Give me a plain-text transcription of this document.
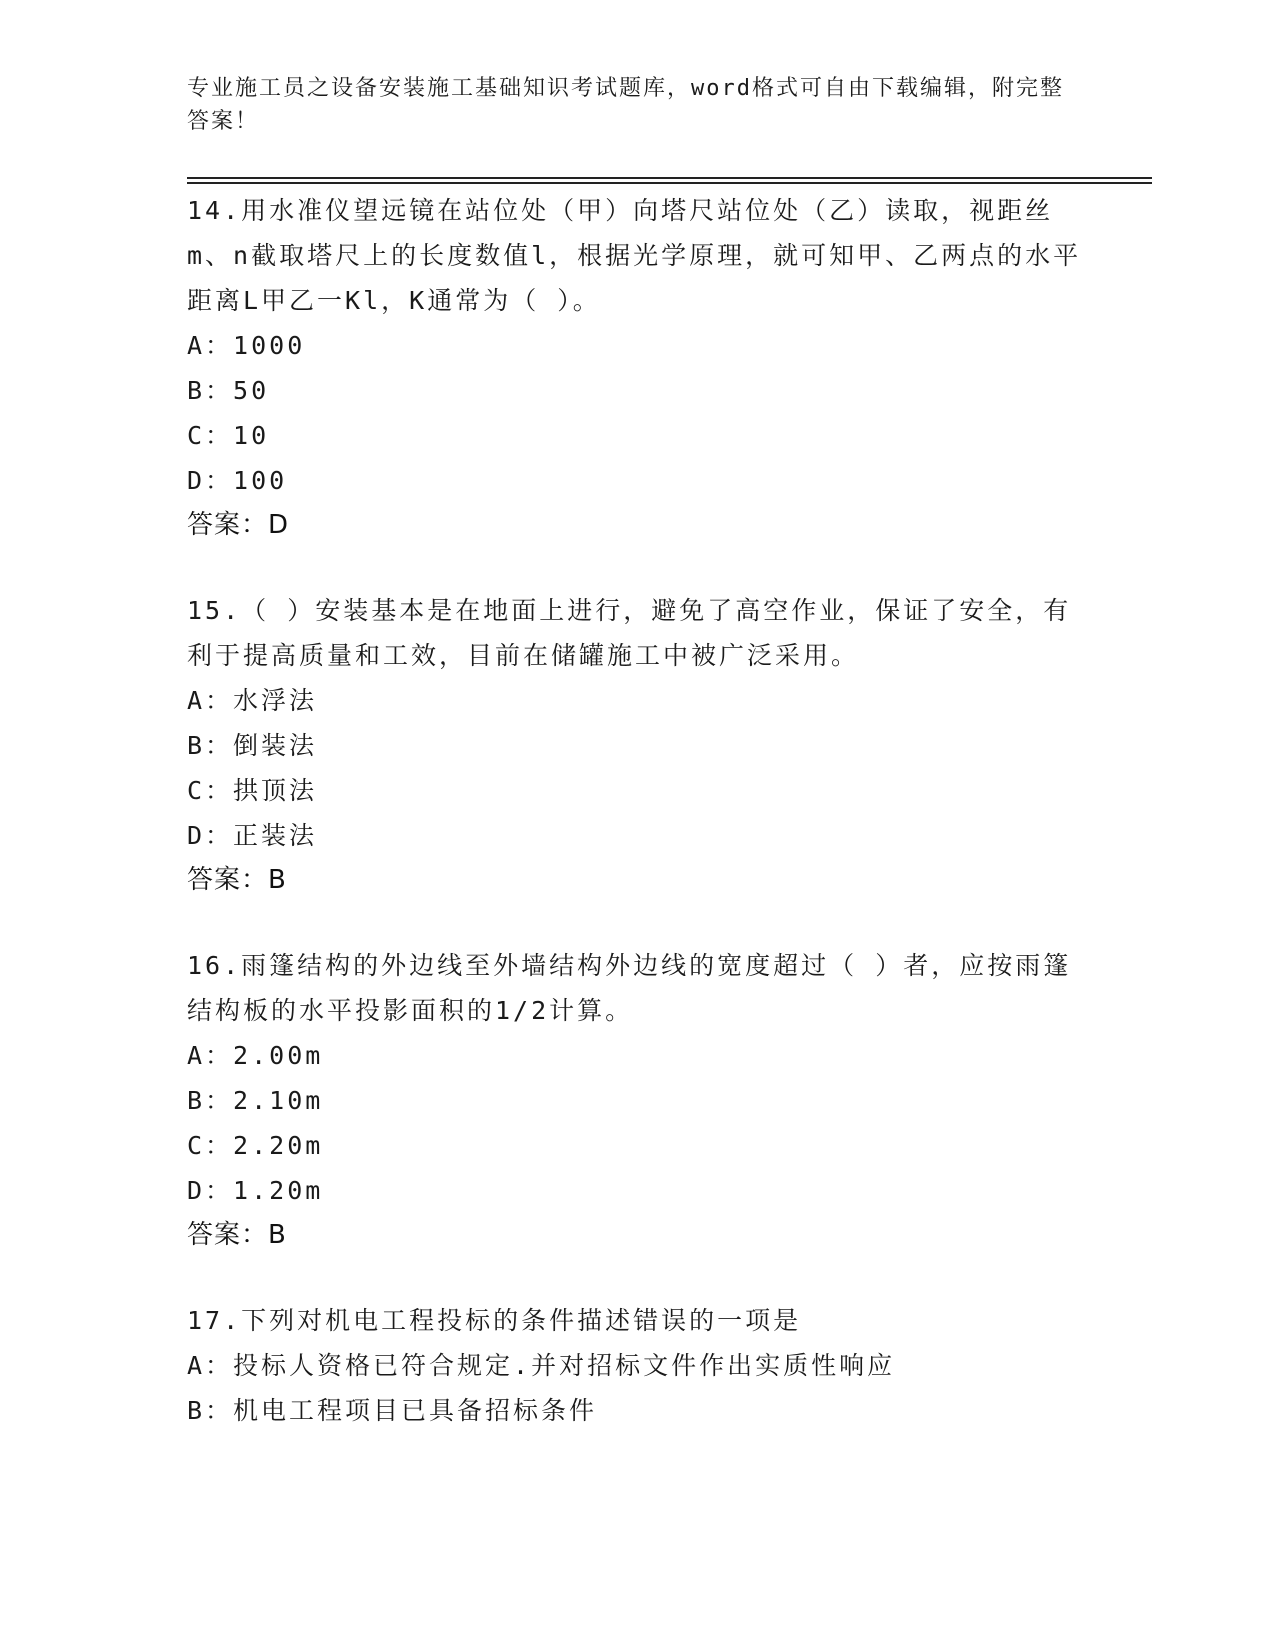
专业施工员之设备安装施工基础知识考试题库，word格式可自由下载编辑，附完整答案！

14.用水准仪望远镜在站位处（甲）向塔尺站位处（乙）读取，视距丝m、n截取塔尺上的长度数值l，根据光学原理，就可知甲、乙两点的水平距离L甲乙一Kl，K通常为（ ）。

A：1000
B：50
C：10
D：100
答案：D

15.（ ）安装基本是在地面上进行，避免了高空作业，保证了安全，有利于提高质量和工效，目前在储罐施工中被广泛采用。

A：水浮法
B：倒装法
C：拱顶法
D：正装法
答案：B

16.雨篷结构的外边线至外墙结构外边线的宽度超过（ ）者，应按雨篷结构板的水平投影面积的1/2计算。

A：2.00m
B：2.10m
C：2.20m
D：1.20m
答案：B

17.下列对机电工程投标的条件描述错误的一项是

A：投标人资格已符合规定.并对招标文件作出实质性响应
B：机电工程项目已具备招标条件
